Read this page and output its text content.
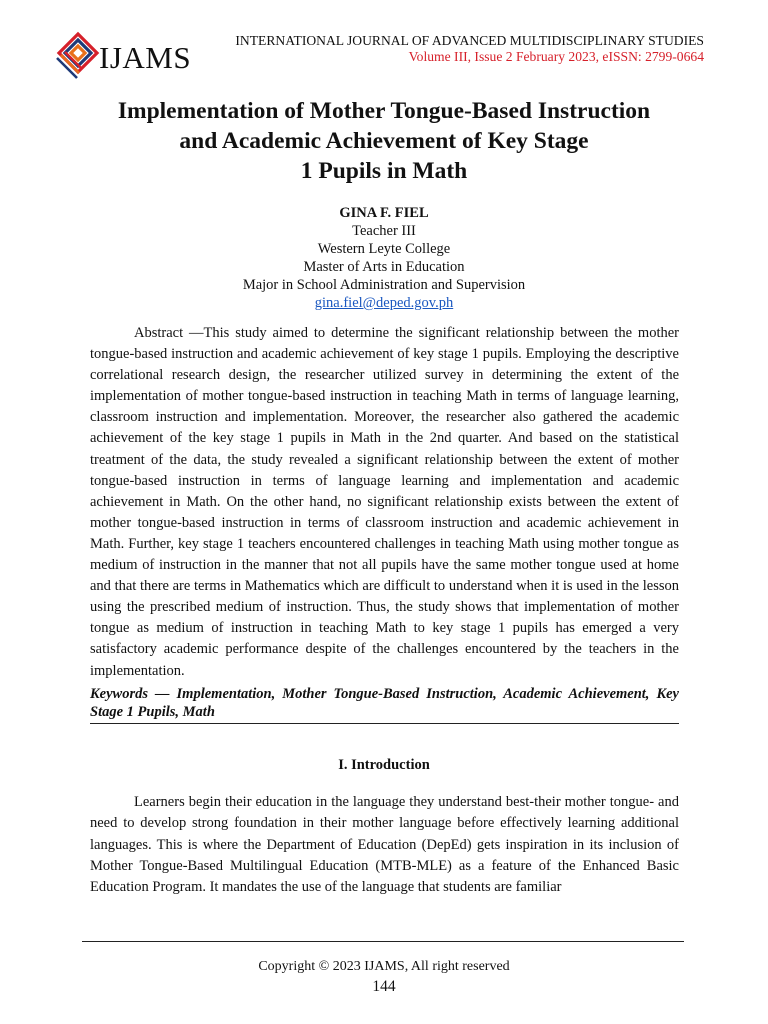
IJAMS	INTERNATIONAL JOURNAL OF ADVANCED MULTIDISCIPLINARY STUDIES
Volume III, Issue 2 February 2023, eISSN: 2799-0664
Implementation of Mother Tongue-Based Instruction
and Academic Achievement of Key Stage
1 Pupils in Math
GINA F. FIEL
Teacher III
Western Leyte College
Master of Arts in Education
Major in School Administration and Supervision
gina.fiel@deped.gov.ph

Abstract —This study aimed to determine the significant relationship between the mother tongue-based instruction and academic achievement of key stage 1 pupils. Employing the descriptive correlational research design, the researcher utilized survey in determining the extent of the implementation of mother tongue-based instruction in teaching Math in terms of language learning, classroom instruction and implementation. Moreover, the researcher also gathered the academic achievement of the key stage 1 pupils in Math in the 2nd quarter. And based on the statistical treatment of the data, the study revealed a significant relationship between the extent of mother tongue-based instruction in terms of language learning and implementation and academic achievement in Math. On the other hand, no significant relationship exists between the extent of mother tongue-based instruction in terms of classroom instruction and academic achievement in Math. Further, key stage 1 teachers encountered challenges in teaching Math using mother tongue as medium of instruction in the manner that not all pupils have the same mother tongue used at home and that there are terms in Mathematics which are difficult to understand when it is used in the lesson using the prescribed medium of instruction. Thus, the study shows that implementation of mother tongue as medium of instruction in teaching Math to key stage 1 pupils has emerged a very satisfactory academic performance despite of the challenges encountered by the teachers in the implementation.

Keywords — Implementation, Mother Tongue-Based Instruction, Academic Achievement, Key Stage 1 Pupils, Math

I. Introduction

Learners begin their education in the language they understand best-their mother tongue- and need to develop strong foundation in their mother language before effectively learning additional languages. This is where the Department of Education (DepEd) gets inspiration in its inclusion of Mother Tongue-Based Multilingual Education (MTB-MLE) as a feature of the Enhanced Basic Education Program. It mandates the use of the language that students are familiar

Copyright © 2023 IJAMS, All right reserved
144
